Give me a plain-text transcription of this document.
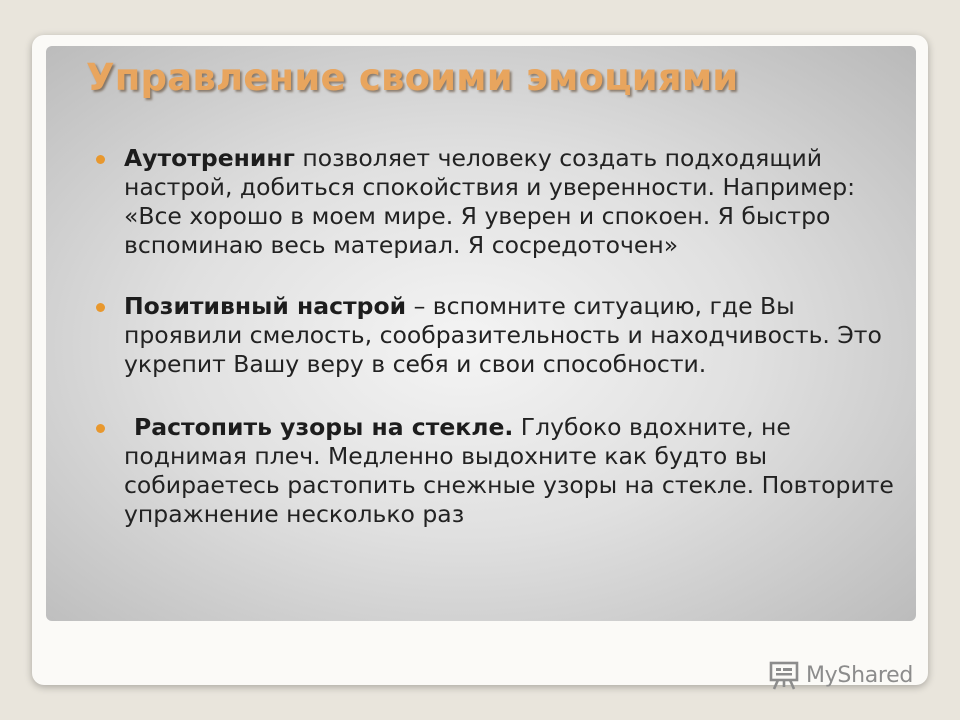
Управление своими эмоциями
Аутотренинг позволяет человеку создать подходящий настрой, добиться спокойствия и уверенности. Например: «Все хорошо в моем мире. Я уверен и спокоен. Я быстро вспоминаю весь материал. Я сосредоточен»
Позитивный настрой – вспомните ситуацию, где Вы проявили смелость, сообразительность и находчивость. Это укрепит Вашу веру в себя и свои способности.
Растопить узоры на стекле. Глубоко вдохните, не поднимая плеч. Медленно выдохните как будто вы собираетесь растопить снежные узоры на стекле. Повторите упражнение несколько раз
MyShared
